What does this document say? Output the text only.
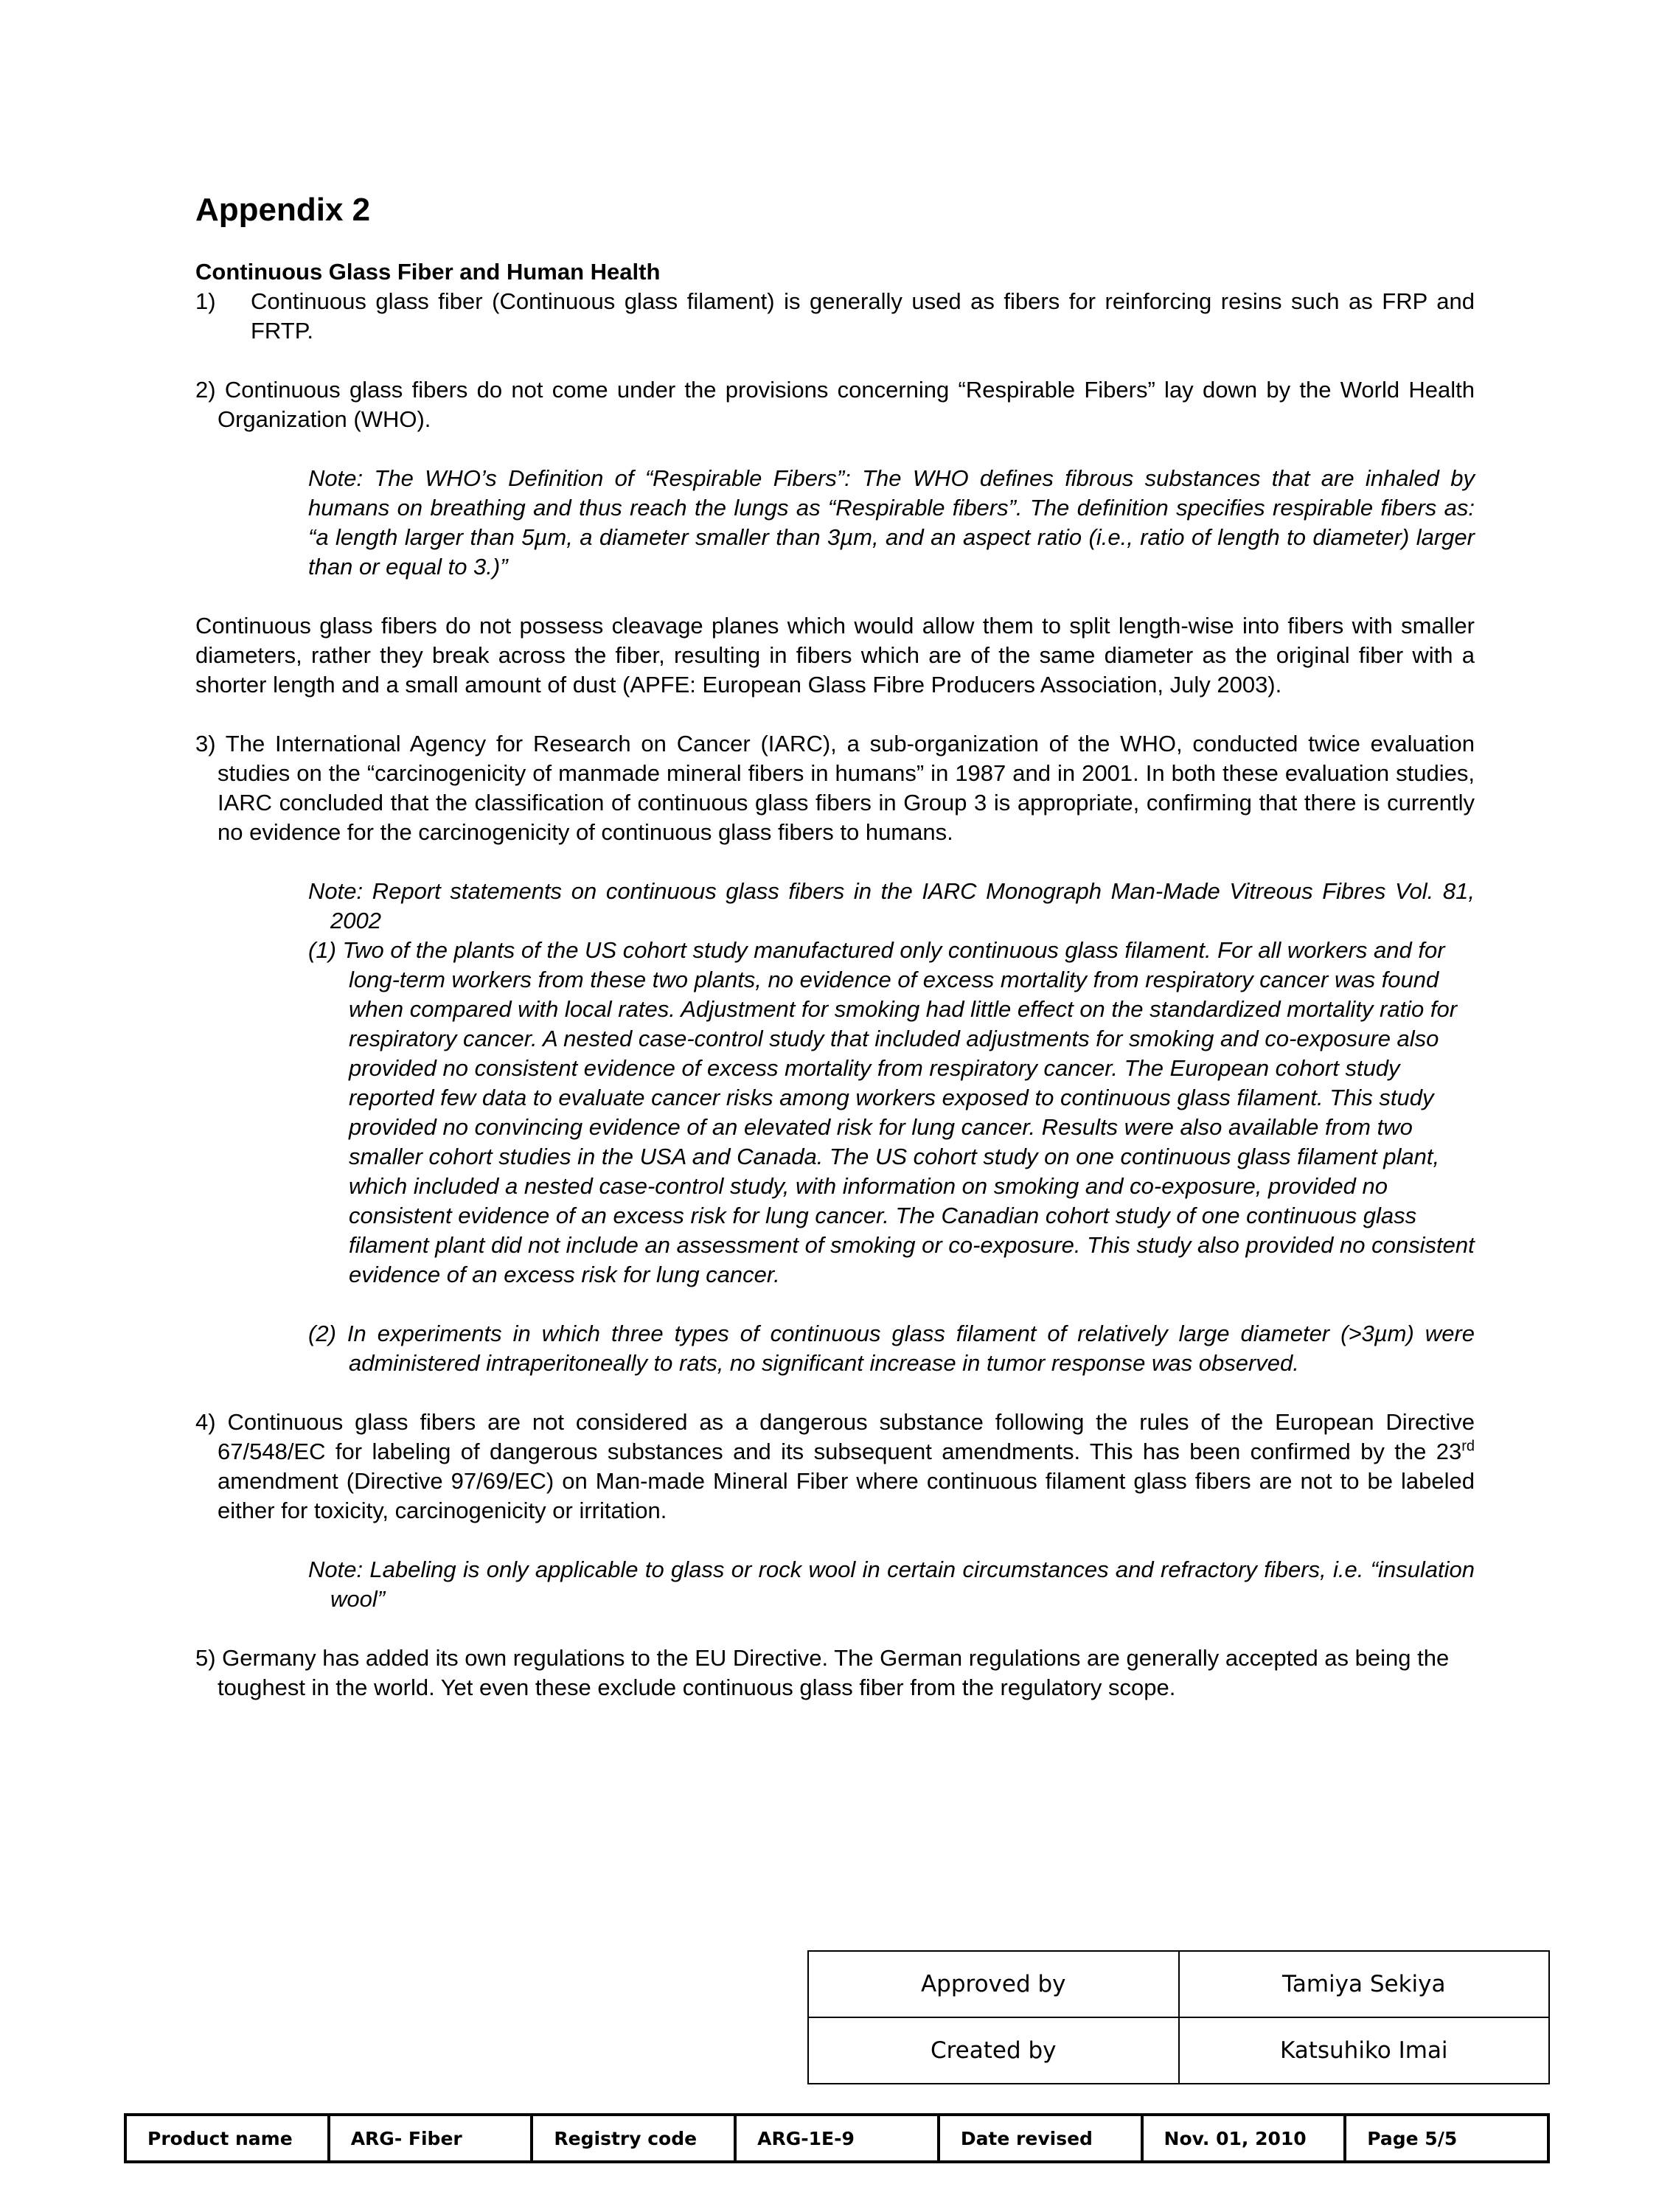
Appendix 2
Continuous Glass Fiber and Human Health
1)	Continuous glass fiber (Continuous glass filament) is generally used as fibers for reinforcing resins such as FRP and FRTP.

2) Continuous glass fibers do not come under the provisions concerning “Respirable Fibers” lay down by the World Health Organization (WHO).

Note: The WHO’s Definition of “Respirable Fibers”: The WHO defines fibrous substances that are inhaled by humans on breathing and thus reach the lungs as “Respirable fibers”. The definition specifies respirable fibers as: “a length larger than 5µm, a diameter smaller than 3µm, and an aspect ratio (i.e., ratio of length to diameter) larger than or equal to 3.)”

Continuous glass fibers do not possess cleavage planes which would allow them to split length-wise into fibers with smaller diameters, rather they break across the fiber, resulting in fibers which are of the same diameter as the original fiber with a shorter length and a small amount of dust (APFE: European Glass Fibre Producers Association, July 2003).

3) The International Agency for Research on Cancer (IARC), a sub-organization of the WHO, conducted twice evaluation studies on the “carcinogenicity of manmade mineral fibers in humans” in 1987 and in 2001. In both these evaluation studies, IARC concluded that the classification of continuous glass fibers in Group 3 is appropriate, confirming that there is currently no evidence for the carcinogenicity of continuous glass fibers to humans.

Note: Report statements on continuous glass fibers in the IARC Monograph Man-Made Vitreous Fibres Vol. 81, 2002

(1) Two of the plants of the US cohort study manufactured only continuous glass filament. For all workers and for long-term workers from these two plants, no evidence of excess mortality from respiratory cancer was found when compared with local rates. Adjustment for smoking had little effect on the standardized mortality ratio for respiratory cancer. A nested case-control study that included adjustments for smoking and co-exposure also provided no consistent evidence of excess mortality from respiratory cancer. The European cohort study reported few data to evaluate cancer risks among workers exposed to continuous glass filament. This study provided no convincing evidence of an elevated risk for lung cancer. Results were also available from two smaller cohort studies in the USA and Canada. The US cohort study on one continuous glass filament plant, which included a nested case-control study, with information on smoking and co-exposure, provided no consistent evidence of an excess risk for lung cancer. The Canadian cohort study of one continuous glass filament plant did not include an assessment of smoking or co-exposure. This study also provided no consistent evidence of an excess risk for lung cancer.

(2) In experiments in which three types of continuous glass filament of relatively large diameter (>3µm) were administered intraperitoneally to rats, no significant increase in tumor response was observed.

4) Continuous glass fibers are not considered as a dangerous substance following the rules of the European Directive 67/548/EC for labeling of dangerous substances and its subsequent amendments. This has been confirmed by the 23rd amendment (Directive 97/69/EC) on Man-made Mineral Fiber where continuous filament glass fibers are not to be labeled either for toxicity, carcinogenicity or irritation.

Note: Labeling is only applicable to glass or rock wool in certain circumstances and refractory fibers, i.e. “insulation wool”

5) Germany has added its own regulations to the EU Directive. The German regulations are generally accepted as being the toughest in the world. Yet even these exclude continuous glass fiber from the regulatory scope.

Approved by	Tamiya Sekiya
Created by	Katsuhiko Imai
Product name	ARG- Fiber	Registry code	ARG-1E-9	Date revised	Nov. 01, 2010	Page 5/5
